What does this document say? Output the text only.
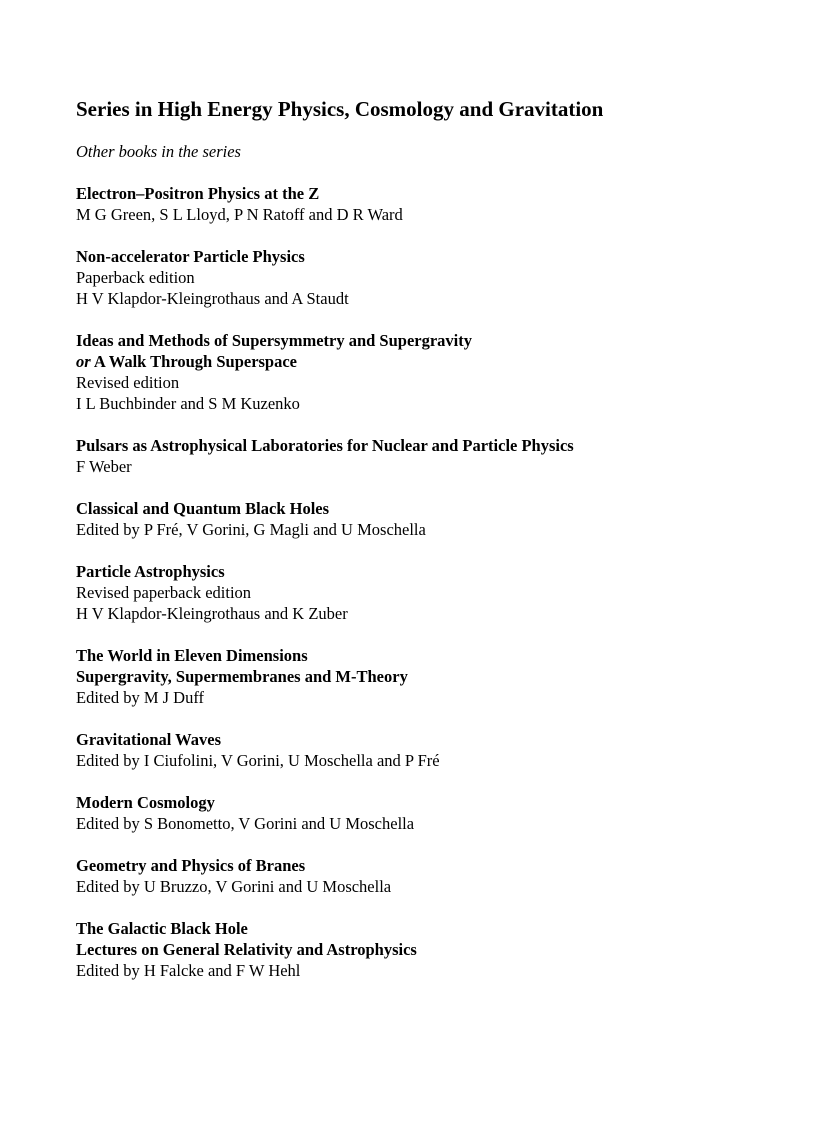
Series in High Energy Physics, Cosmology and Gravitation
Other books in the series
Electron–Positron Physics at the Z
M G Green, S L Lloyd, P N Ratoff and D R Ward
Non-accelerator Particle Physics
Paperback edition
H V Klapdor-Kleingrothaus and A Staudt
Ideas and Methods of Supersymmetry and Supergravity
or A Walk Through Superspace
Revised edition
I L Buchbinder and S M Kuzenko
Pulsars as Astrophysical Laboratories for Nuclear and Particle Physics
F Weber
Classical and Quantum Black Holes
Edited by P Fré, V Gorini, G Magli and U Moschella
Particle Astrophysics
Revised paperback edition
H V Klapdor-Kleingrothaus and K Zuber
The World in Eleven Dimensions
Supergravity, Supermembranes and M-Theory
Edited by M J Duff
Gravitational Waves
Edited by I Ciufolini, V Gorini, U Moschella and P Fré
Modern Cosmology
Edited by S Bonometto, V Gorini and U Moschella
Geometry and Physics of Branes
Edited by U Bruzzo, V Gorini and U Moschella
The Galactic Black Hole
Lectures on General Relativity and Astrophysics
Edited by H Falcke and F W Hehl
